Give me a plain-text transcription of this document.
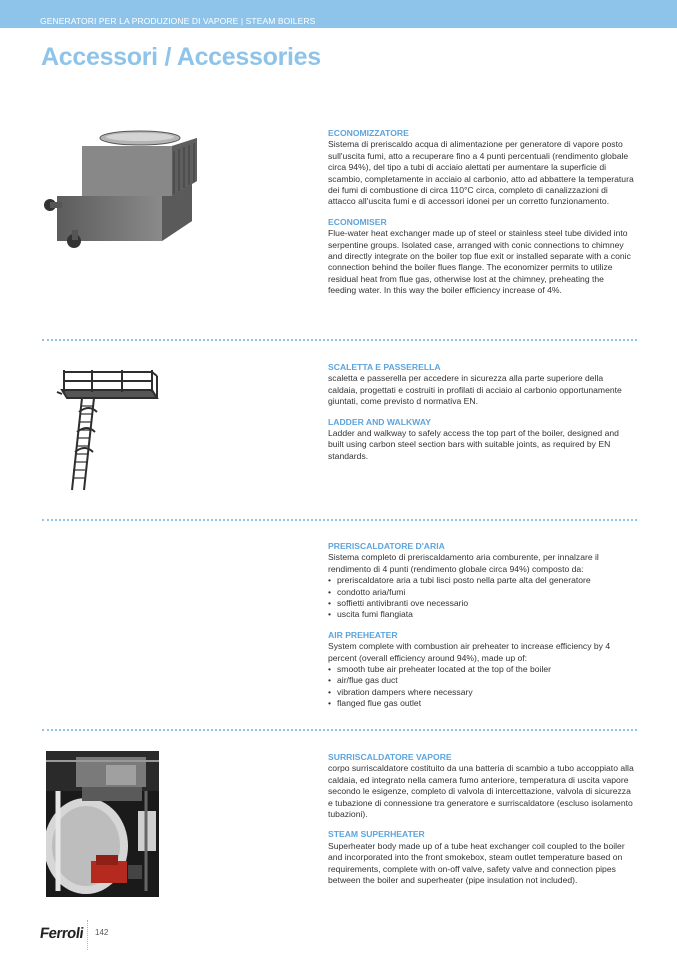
GENERATORI PER LA PRODUZIONE DI VAPORE | STEAM BOILERS
Accessori / Accessories

ECONOMIZZATORE

Sistema di preriscaldo acqua di alimentazione per generatore di vapore posto sull'uscita fumi, atto a recuperare fino a 4 punti percentuali (rendimento globale circa 94%), del tipo a tubi di acciaio alettati per aumentare la superficie di scambio, completamente in acciaio al carbonio, atto ad abbattere la temperatura dei fumi di combustione di circa 110°C circa, completo di canalizzazioni di attacco all'uscita fumi e di accessori idonei per un corretto funzionamento.

ECONOMISER

Flue-water heat exchanger made up of steel or stainless steel tube divided into serpentine groups. Isolated case, arranged with conic connections to chimney and directly integrate on the boiler top flue exit or installed separate with a conic connection behind the boiler flues flange. The economizer permits to utilize residual heat from flue gas, otherwise lost at the chimney, preheating the feeding water. In this way the boiler efficiency increase of 4%.

SCALETTA E PASSERELLA

scaletta e passerella per accedere in sicurezza alla parte superiore della caldaia, progettati e costruiti in profilati di acciaio al carbonio opportunamente giuntati, come previsto d normativa EN.

LADDER AND WALKWAY

Ladder and walkway to safely access the top part of the boiler, designed and built using carbon steel section bars with suitable joints, as required by EN standards.

PRERISCALDATORE D'ARIA

Sistema completo di preriscaldamento aria comburente, per innalzare il rendimento di 4 punti (rendimento globale circa 94%) composto da:

• preriscaldatore aria a tubi lisci posto nella parte alta del generatore
• condotto aria/fumi
• soffietti antivibranti ove necessario
• uscita fumi flangiata

AIR PREHEATER

System complete with combustion air preheater to increase efficiency by 4 percent (overall efficiency around 94%), made up of:

• smooth tube air preheater located at the top of the boiler
• air/flue gas duct
• vibration dampers where necessary
• flanged flue gas outlet

SURRISCALDATORE VAPORE

corpo surriscaldatore costituito da una batteria di scambio a tubo accoppiato alla caldaia, ed integrato nella camera fumo anteriore, temperatura di uscita vapore secondo le esigenze, completo di valvola di intercettazione, valvola di sicurezza e tubazione di connessione tra generatore e surriscaldatore (escluso isolamento tubazioni).

STEAM SUPERHEATER

Superheater body made up of a tube heat exchanger coil coupled to the boiler and incorporated into the front smokebox, steam outlet temperature based on requirements, complete with on-off valve, safety valve and connection pipes between the boiler and superheater (pipe insulation not included).

Ferroli 142
